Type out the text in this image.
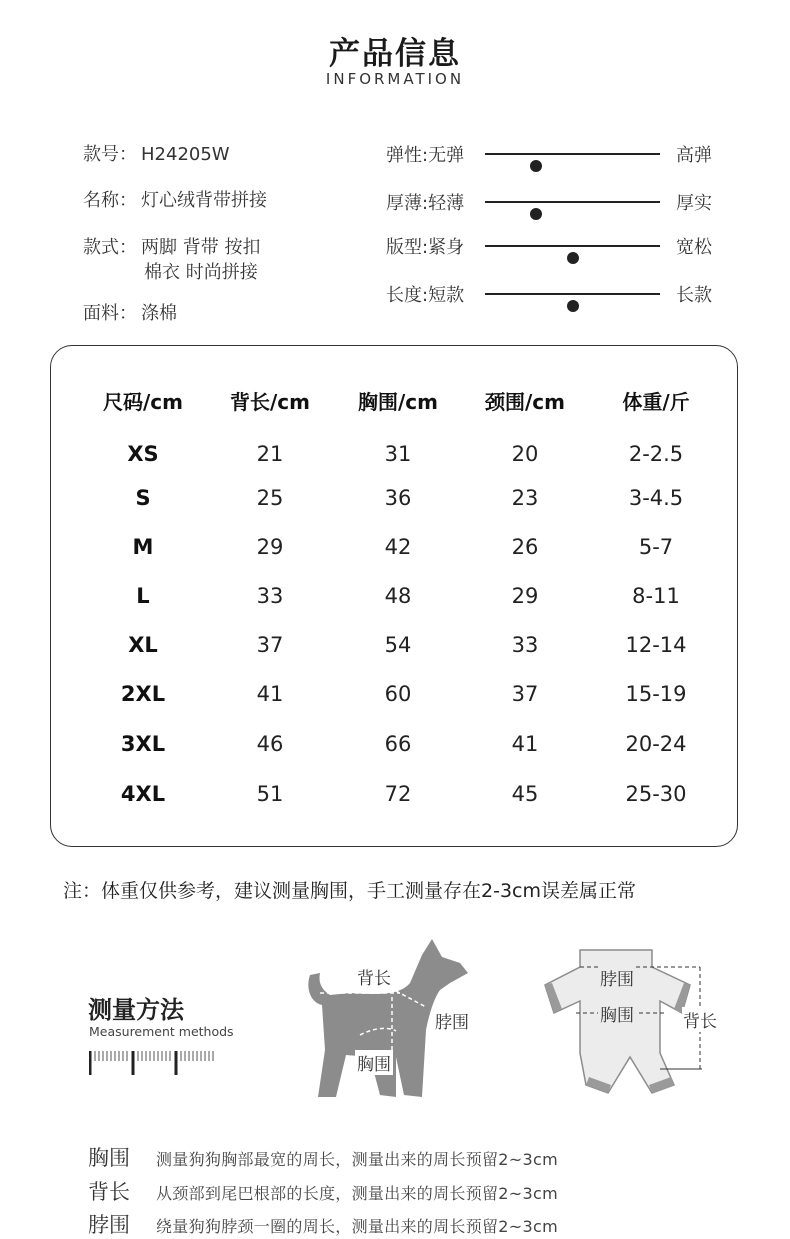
产品信息
INFORMATION
款号： H24205W
名称： 灯心绒背带拼接
款式： 两脚 背带 按扣
棉衣 时尚拼接
面料： 涤棉
弹性:无弹	高弹
厚薄:轻薄	厚实
版型:紧身	宽松
长度:短款	长款
尺码/cm	背长/cm	胸围/cm	颈围/cm	体重/斤
XS	21	31	20	2-2.5
S	25	36	23	3-4.5
M	29	42	26	5-7
L	33	48	29	8-11
XL	37	54	33	12-14
2XL	41	60	37	15-19
3XL	46	66	41	20-24
4XL	51	72	45	25-30
注：体重仅供参考，建议测量胸围，手工测量存在2-3cm误差属正常
测量方法
Measurement methods
背长
脖围
胸围
脖围
胸围	背长
胸围 测量狗狗胸部最宽的周长，测量出来的周长预留2~3cm
背长 从颈部到尾巴根部的长度，测量出来的周长预留2~3cm
脖围 绕量狗狗脖颈一圈的周长，测量出来的周长预留2~3cm
